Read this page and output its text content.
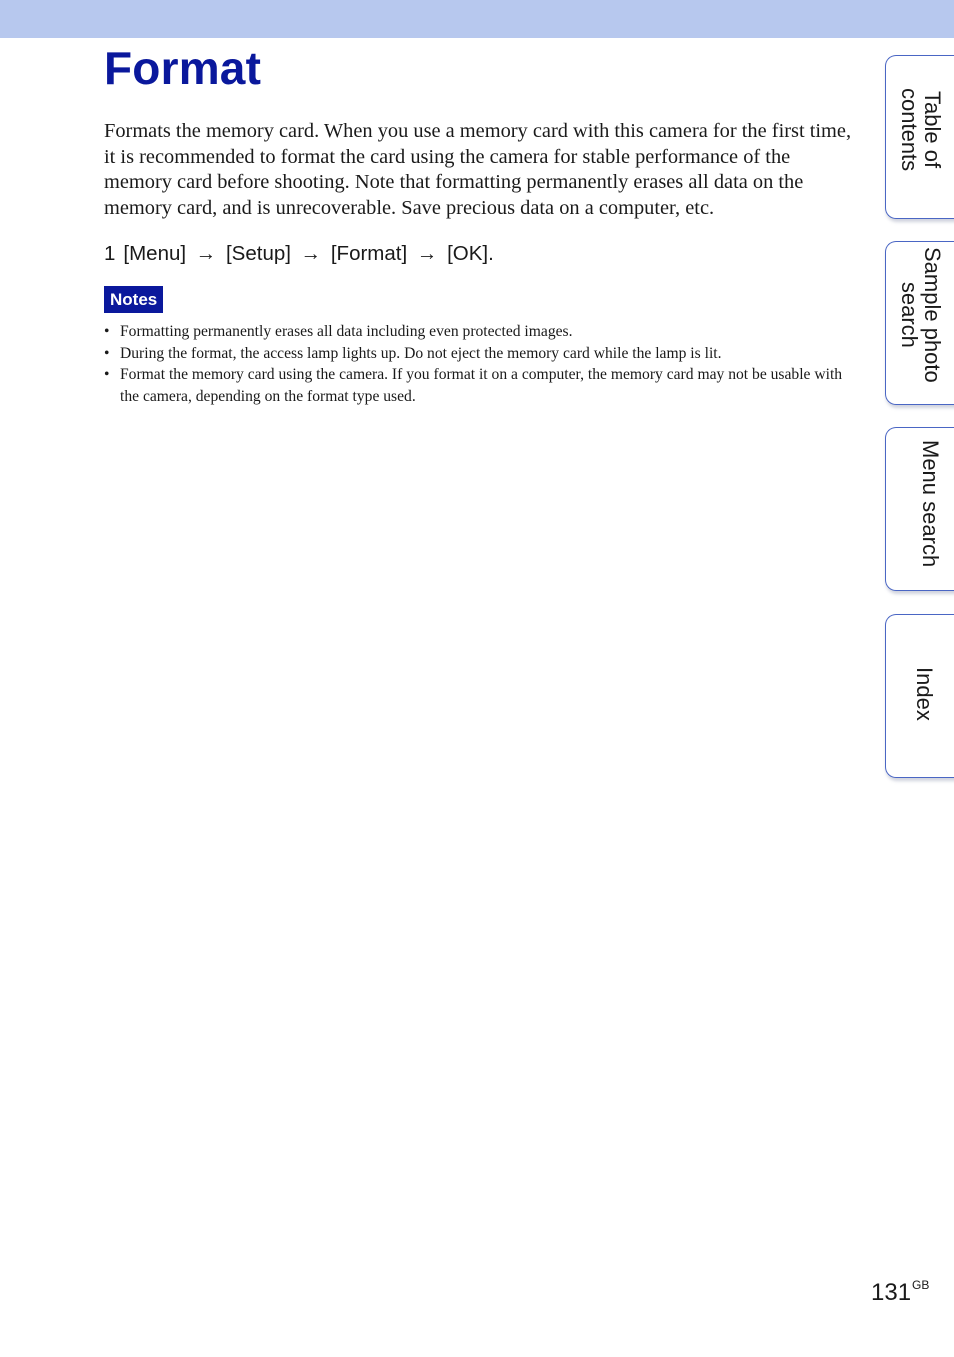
Format

Formats the memory card. When you use a memory card with this camera for the first time, it is recommended to format the card using the camera for stable performance of the memory card before shooting. Note that formatting permanently erases all data on the memory card, and is unrecoverable. Save precious data on a computer, etc.

1 [Menu] → [Setup] → [Format] → [OK].
Notes
• Formatting permanently erases all data including even protected images.
• During the format, the access lamp lights up. Do not eject the memory card while the lamp is lit.
• Format the memory card using the camera. If you format it on a computer, the memory card may not be usable with the camera, depending on the format type used.
Table of
contents
Sample photo
search
Menu search
Index
$131^{GB}$
